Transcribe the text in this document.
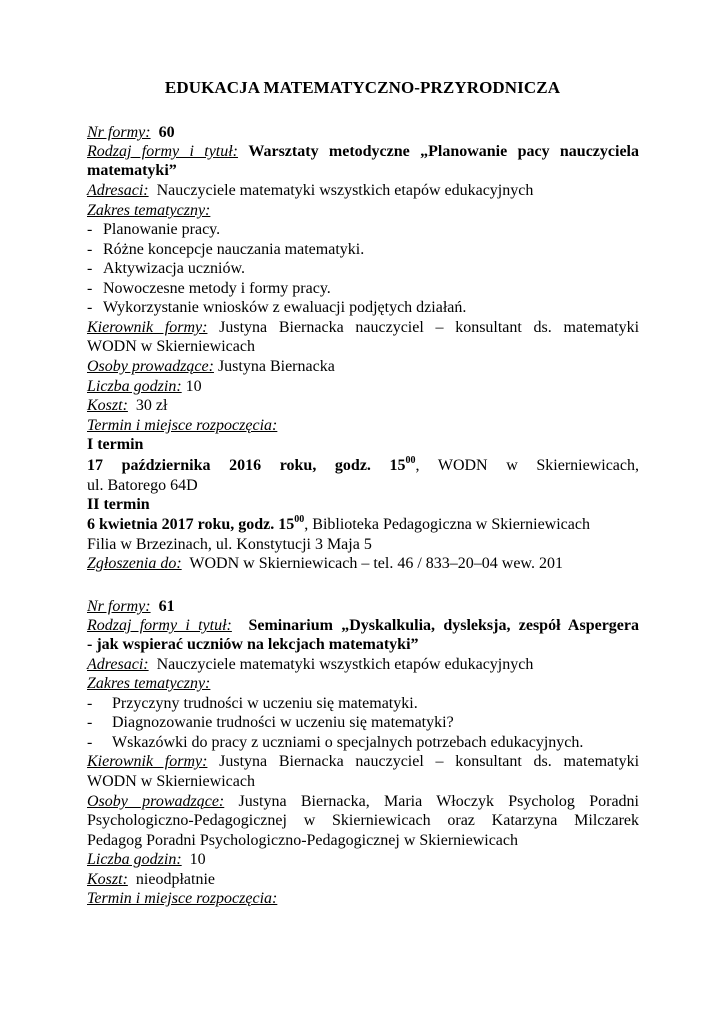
EDUKACJA MATEMATYCZNO-PRZYRODNICZA
Nr formy: 60
Rodzaj formy i tytuł: Warsztaty metodyczne „Planowanie pacy nauczyciela
matematyki”
Adresaci: Nauczyciele matematyki wszystkich etapów edukacyjnych
Zakres tematyczny:
- Planowanie pracy.
- Różne koncepcje nauczania matematyki.
- Aktywizacja uczniów.
- Nowoczesne metody i formy pracy.
- Wykorzystanie wniosków z ewaluacji podjętych działań.
Kierownik formy: Justyna Biernacka nauczyciel – konsultant ds. matematyki
WODN w Skierniewicach
Osoby prowadzące: Justyna Biernacka
Liczba godzin: 10
Koszt: 30 zł
Termin i miejsce rozpoczęcia:
I termin
17 października 2016 roku, godz. $15^{00}$, WODN w Skierniewicach,
ul. Batorego 64D
II termin
6 kwietnia 2017 roku, godz. $15^{00}$, Biblioteka Pedagogiczna w Skierniewicach
Filia w Brzezinach, ul. Konstytucji 3 Maja 5
Zgłoszenia do: WODN w Skierniewicach – tel. 46 / 833–20–04 wew. 201
Nr formy: 61
Rodzaj formy i tytuł: Seminarium „Dyskalkulia, dysleksja, zespół Aspergera
- jak wspierać uczniów na lekcjach matematyki”
Adresaci: Nauczyciele matematyki wszystkich etapów edukacyjnych
Zakres tematyczny:
- Przyczyny trudności w uczeniu się matematyki.
- Diagnozowanie trudności w uczeniu się matematyki?
- Wskazówki do pracy z uczniami o specjalnych potrzebach edukacyjnych.
Kierownik formy: Justyna Biernacka nauczyciel – konsultant ds. matematyki
WODN w Skierniewicach
Osoby prowadzące: Justyna Biernacka, Maria Włoczyk Psycholog Poradni
Psychologiczno-Pedagogicznej w Skierniewicach oraz Katarzyna Milczarek
Pedagog Poradni Psychologiczno-Pedagogicznej w Skierniewicach
Liczba godzin: 10
Koszt: nieodpłatnie
Termin i miejsce rozpoczęcia:
